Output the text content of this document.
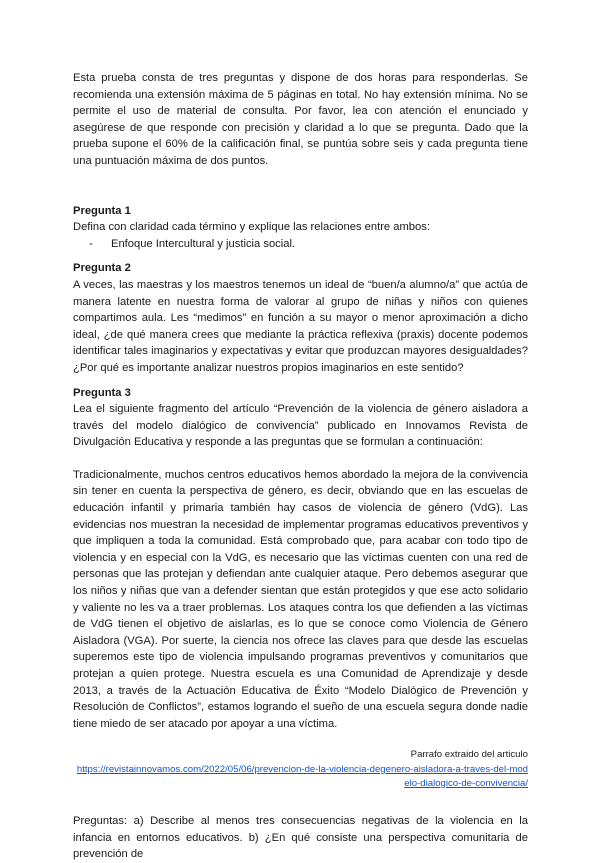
Esta prueba consta de tres preguntas y dispone de dos horas para responderlas. Se recomienda una extensión máxima de 5 páginas en total. No hay extensión mínima. No se permite el uso de material de consulta. Por favor, lea con atención el enunciado y asegúrese de que responde con precisión y claridad a lo que se pregunta. Dado que la prueba supone el 60% de la calificación final, se puntúa sobre seis y cada pregunta tiene una puntuación máxima de dos puntos.

Pregunta 1

Defina con claridad cada término y explique las relaciones entre ambos:

-	Enfoque Intercultural y justicia social.

Pregunta 2

A veces, las maestras y los maestros tenemos un ideal de “buen/a alumno/a” que actúa de manera latente en nuestra forma de valorar al grupo de niñas y niños con quienes compartimos aula. Les “medimos” en función a su mayor o menor aproximación a dicho ideal, ¿de qué manera crees que mediante la práctica reflexiva (praxis) docente podemos identificar tales imaginarios y expectativas y evitar que produzcan mayores desigualdades? ¿Por qué es importante analizar nuestros propios imaginarios en este sentido?

Pregunta 3

Lea el siguiente fragmento del artículo “Prevención de la violencia de género aisladora a través del modelo dialógico de convivencia” publicado en Innovamos Revista de Divulgación Educativa y responde a las preguntas que se formulan a continuación:

Tradicionalmente, muchos centros educativos hemos abordado la mejora de la convivencia sin tener en cuenta la perspectiva de género, es decir, obviando que en las escuelas de educación infantil y primaria también hay casos de violencia de género (VdG). Las evidencias nos muestran la necesidad de implementar programas educativos preventivos y que impliquen a toda la comunidad. Está comprobado que, para acabar con todo tipo de violencia y en especial con la VdG, es necesario que las víctimas cuenten con una red de personas que las protejan y defiendan ante cualquier ataque. Pero debemos asegurar que los niños y niñas que van a defender sientan que están protegidos y que ese acto solidario y valiente no les va a traer problemas. Los ataques contra los que defienden a las víctimas de VdG tienen el objetivo de aislarlas, es lo que se conoce como Violencia de Género Aisladora (VGA). Por suerte, la ciencia nos ofrece las claves para que desde las escuelas superemos este tipo de violencia impulsando programas preventivos y comunitarios que protejan a quien protege. Nuestra escuela es una Comunidad de Aprendizaje y desde 2013, a través de la Actuación Educativa de Éxito “Modelo Dialógico de Prevención y Resolución de Conflictos”, estamos logrando el sueño de una escuela segura donde nadie tiene miedo de ser atacado por apoyar a una víctima.

Parrafo extraido del articulo
https://revistainnovamos.com/2022/05/06/prevencion-de-la-violencia-degenero-aisladora-a-traves-del-modelo-dialogico-de-convivencia/

Preguntas: a) Describe al menos tres consecuencias negativas de la violencia en la infancia en entornos educativos. b) ¿En qué consiste una perspectiva comunitaria de prevención de
